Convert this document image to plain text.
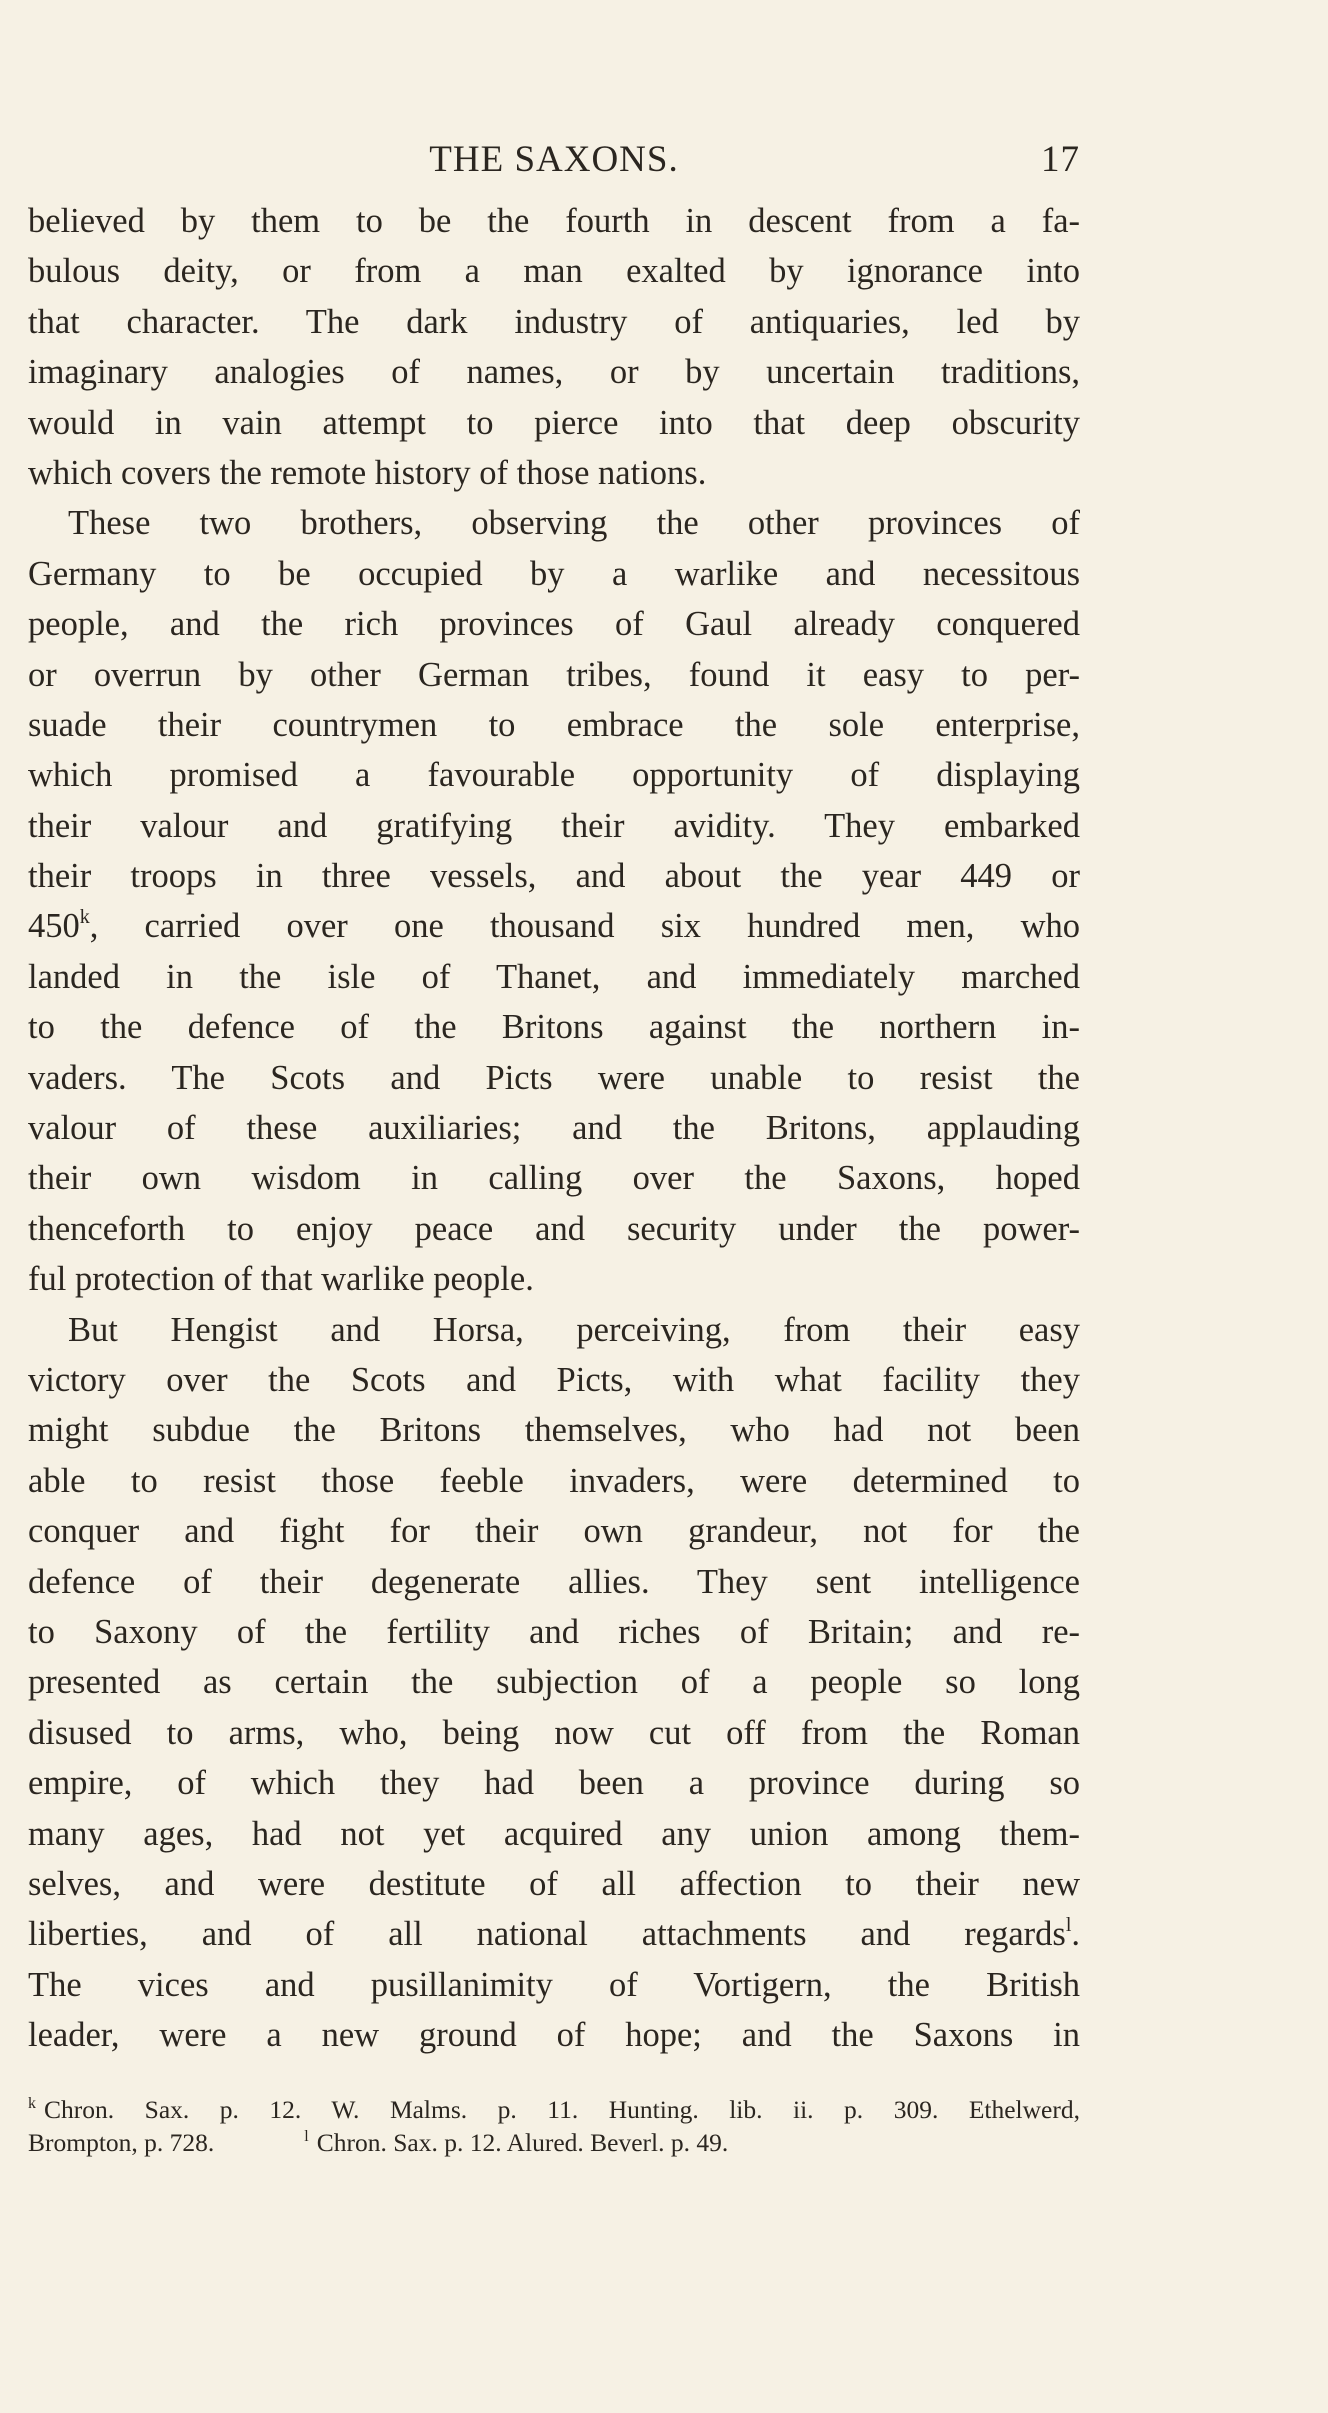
THE SAXONS.	17
believed by them to be the fourth in descent from a fa-
bulous deity, or from a man exalted by ignorance into
that character. The dark industry of antiquaries, led by
imaginary analogies of names, or by uncertain traditions,
would in vain attempt to pierce into that deep obscurity
which covers the remote history of those nations.
These two brothers, observing the other provinces of
Germany to be occupied by a warlike and necessitous
people, and the rich provinces of Gaul already conquered
or overrun by other German tribes, found it easy to per-
suade their countrymen to embrace the sole enterprise,
which promised a favourable opportunity of displaying
their valour and gratifying their avidity. They embarked
their troops in three vessels, and about the year 449 or
450$^k$, carried over one thousand six hundred men, who
landed in the isle of Thanet, and immediately marched
to the defence of the Britons against the northern in-
vaders. The Scots and Picts were unable to resist the
valour of these auxiliaries; and the Britons, applauding
their own wisdom in calling over the Saxons, hoped
thenceforth to enjoy peace and security under the power-
ful protection of that warlike people.
But Hengist and Horsa, perceiving, from their easy
victory over the Scots and Picts, with what facility they
might subdue the Britons themselves, who had not been
able to resist those feeble invaders, were determined to
conquer and fight for their own grandeur, not for the
defence of their degenerate allies. They sent intelligence
to Saxony of the fertility and riches of Britain; and re-
presented as certain the subjection of a people so long
disused to arms, who, being now cut off from the Roman
empire, of which they had been a province during so
many ages, had not yet acquired any union among them-
selves, and were destitute of all affection to their new
liberties, and of all national attachments and regards$^l$.
The vices and pusillanimity of Vortigern, the British
leader, were a new ground of hope; and the Saxons in
$^k$ Chron. Sax. p. 12. W. Malms. p. 11. Hunting. lib. ii. p. 309. Ethelwerd,
Brompton, p. 728.	$^l$ Chron. Sax. p. 12. Alured. Beverl. p. 49.
